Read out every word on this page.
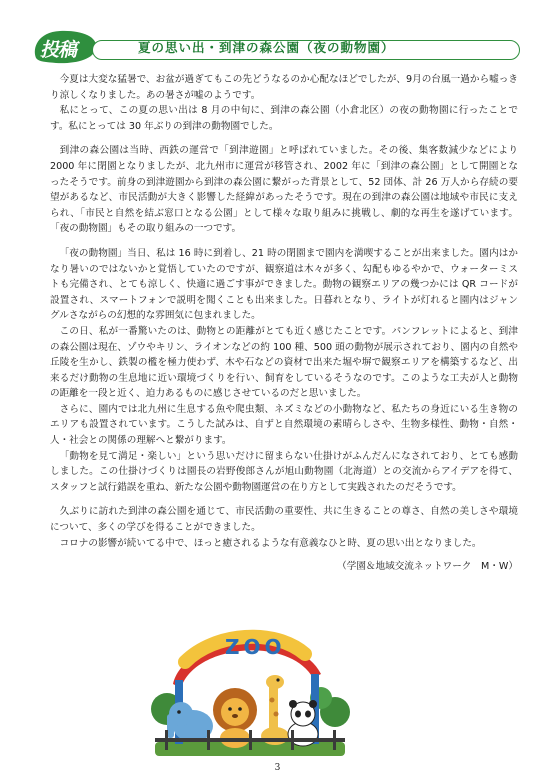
投稿	夏の思い出・到津の森公園（夜の動物園）

今夏は大変な猛暑で、お盆が過ぎてもこの先どうなるのか心配なほどでしたが、9月の台風一過から嘘っきり涼しくなりました。あの暑さが嘘のようです。

私にとって、この夏の思い出は 8 月の中旬に、到津の森公園（小倉北区）の夜の動物園に行ったことです。私にとっては 30 年ぶりの到津の動物園でした。

到津の森公園は当時、西鉄の運営で「到津遊園」と呼ばれていました。その後、集客数減少などにより 2000 年に閉園となりましたが、北九州市に運営が移管され、2002 年に「到津の森公園」として開園となったそうです。前身の到津遊園から到津の森公園に繋がった背景として、52 団体、計 26 万人から存続の要望があるなど、市民活動が大きく影響した経緯があったそうです。現在の到津の森公園は地域や市民に支えられ、「市民と自然を結ぶ窓口となる公園」として様々な取り組みに挑戦し、劇的な再生を遂げています。「夜の動物園」もその取り組みの一つです。

「夜の動物園」当日、私は 16 時に到着し、21 時の閉園まで園内を満喫することが出来ました。園内はかなり暑いのではないかと覚悟していたのですが、観察道は木々が多く、勾配もゆるやかで、ウォーターミストも完備され、とても涼しく、快適に過ごす事ができました。動物の観察エリアの幾つかには QR コードが設置され、スマートフォンで説明を聞くことも出来ました。日暮れとなり、ライトが灯れると園内はジャングルさながらの幻想的な雰囲気に包まれました。

この日、私が一番驚いたのは、動物との距離がとても近く感じたことです。パンフレットによると、到津の森公園は現在、ゾウやキリン、ライオンなどの約 100 種、500 頭の動物が展示されており、園内の自然や丘陵を生かし、鉄製の檻を極力使わず、木や石などの資材で出来た堀や塀で観察エリアを構築するなど、出来るだけ動物の生息地に近い環境づくりを行い、飼育をしているそうなのです。このような工夫が人と動物の距離を一段と近く、迫力あるものに感じさせているのだと思いました。

さらに、園内では北九州に生息する魚や爬虫類、ネズミなどの小動物など、私たちの身近にいる生き物のエリアも設置されています。こうした試みは、自ずと自然環境の素晴らしさや、生物多様性、動物・自然・人・社会との関係の理解へと繋がります。

「動物を見て満足・楽しい」という思いだけに留まらない仕掛けがふんだんになされており、とても感動しました。この仕掛けづくりは園長の岩野俊郎さんが旭山動物園（北海道）との交流からアイデアを得て、スタッフと試行錯誤を重ね、新たな公園や動物園運営の在り方として実践されたのだそうです。

久ぶりに訪れた到津の森公園を通じて、市民活動の重要性、共に生きることの尊さ、自然の美しさや環境について、多くの学びを得ることができました。

コロナの影響が続いてる中で、ほっと癒されるような有意義なひと時、夏の思い出となりました。

（学園＆地域交流ネットワーク　M・W）
ZOO
3
